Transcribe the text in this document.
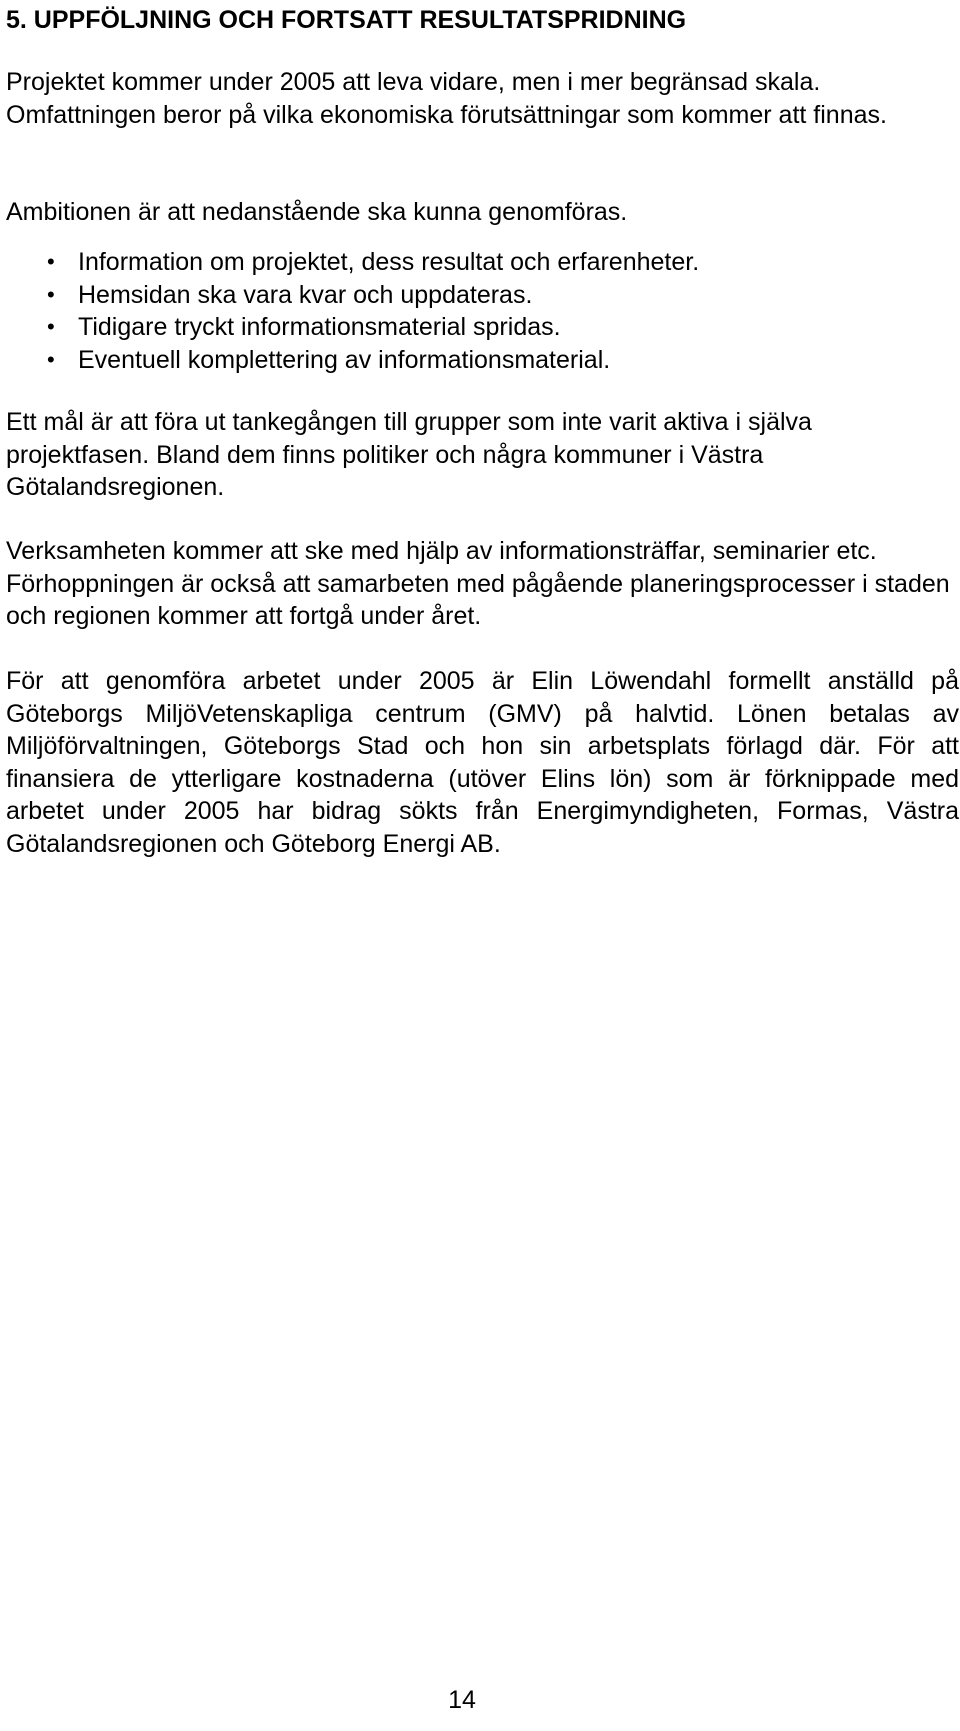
5. UPPFÖLJNING OCH FORTSATT RESULTATSPRIDNING

Projektet kommer under 2005 att leva vidare, men i mer begränsad skala. Omfattningen beror på vilka ekonomiska förutsättningar som kommer att finnas.

Ambitionen är att nedanstående ska kunna genomföras.

• Information om projektet, dess resultat och erfarenheter.
• Hemsidan ska vara kvar och uppdateras.
• Tidigare tryckt informationsmaterial spridas.
• Eventuell komplettering av informationsmaterial.

Ett mål är att föra ut tankegången till grupper som inte varit aktiva i själva projektfasen. Bland dem finns politiker och några kommuner i Västra Götalandsregionen.

Verksamheten kommer att ske med hjälp av informationsträffar, seminarier etc. Förhoppningen är också att samarbeten med pågående planeringsprocesser i staden och regionen kommer att fortgå under året.

För att genomföra arbetet under 2005 är Elin Löwendahl formellt anställd på Göteborgs MiljöVetenskapliga centrum (GMV) på halvtid. Lönen betalas av Miljöförvaltningen, Göteborgs Stad och hon sin arbetsplats förlagd där. För att finansiera de ytterligare kostnaderna (utöver Elins lön) som är förknippade med arbetet under 2005 har bidrag sökts från Energimyndigheten, Formas, Västra Götalandsregionen och Göteborg Energi AB.

14
